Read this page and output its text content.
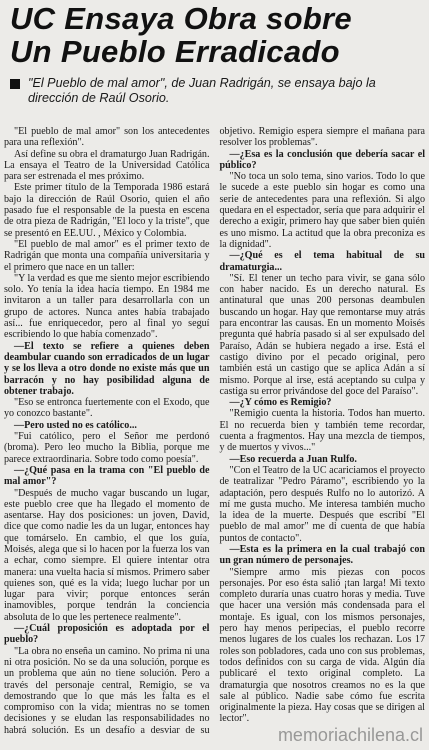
UC Ensaya Obra sobre
Un Pueblo Erradicado
"El Pueblo de mal amor", de Juan Radrigán, se ensaya bajo la dirección de Raúl Osorio.

"El pueblo de mal amor" son los antecedentes para una reflexión".

Así define su obra el dramaturgo Juan Radrigán. La ensaya el Teatro de la Universidad Católica para ser estrenada el mes próximo.

Este primer título de la Temporada 1986 estará bajo la dirección de Raúl Osorio, quien el año pasado fue el responsable de la puesta en escena de otra pieza de Radrigán, "El loco y la triste", que se presentó en EE.UU. , México y Colombia.

"El pueblo de mal amor" es el primer texto de Radrigán que monta una compañía universitaria y el primero que nace en un taller:

"Y la verdad es que me siento mejor escribiendo solo. Yo tenía la idea hacía tiempo. En 1984 me invitaron a un taller para desarrollarla con un grupo de actores. Nunca antes había trabajado así... fue enriquecedor, pero al final yo seguí escribiendo lo que había comenzado".

—El texto se refiere a quienes deben deambular cuando son erradicados de un lugar y se los lleva a otro donde no existe más que un barracón y no hay posibilidad alguna de obtener trabajo.

"Eso se entronca fuertemente con el Exodo, que yo conozco bastante".

—Pero usted no es católico...

"Fui católico, pero el Señor me perdonó (broma). Pero leo mucho la Biblia, porque me parece extraordinaria. Sobre todo como poesía".

—¿Qué pasa en la trama con "El pueblo de mal amor"?

"Después de mucho vagar buscando un lugar, este pueblo cree que ha llegado el momento de asentarse. Hay dos posiciones: un joven, David, dice que como nadie les da un lugar, entonces hay que tomárselo. En cambio, el que los guía, Moisés, alega que si lo hacen por la fuerza los van a echar, como siempre. El quiere intentar otra manera: una vuelta hacia sí mismos. Primero saber quienes son, qué es la vida; luego luchar por un lugar para vivir; porque entonces serán inamovibles, porque tendrán la conciencia absoluta de lo que les pertenece realmente".

—¿Cuál proposición es adoptada por el pueblo?

"La obra no enseña un camino. No prima ni una ni otra posición. No se da una solución, porque es un problema que aún no tiene solución. Pero a través del personaje central, Remigio, se va demostrando que lo que más les falta es el compromiso con la vida; mientras no se tomen decisiones y se eludan las responsabilidades no habrá solución. Es un desafío a desviar de su objetivo. Remigio espera siempre el mañana para resolver los problemas".

—¿Esa es la conclusión que debería sacar el público?

"No toca un solo tema, sino varios. Todo lo que le sucede a este pueblo sin hogar es como una serie de antecedentes para una reflexión. Si algo quedara en el espectador, sería que para adquirir el derecho a exigir, primero hay que saber bien quién es uno mismo. La actitud que la obra preconiza es la dignidad".

—¿Qué es el tema habitual de su dramaturgia...

"Sí. El tener un techo para vivir, se gana sólo con haber nacido. Es un derecho natural. Es antinatural que unas 200 personas deambulen buscando un hogar. Hay que remontarse muy atrás para encontrar las causas. En un momento Moisés pregunta qué habría pasado si al ser expulsado del Paraíso, Adán se hubiera negado a irse. Está el castigo divino por el pecado original, pero también está un castigo que se aplica Adán a sí mismo. Porque al irse, está aceptando su culpa y castiga su error privándose del goce del Paraíso".

—¿Y cómo es Remigio?

"Remigio cuenta la historia. Todos han muerto. El no recuerda bien y también teme recordar, cuenta a fragmentos. Hay una mezcla de tiempos, y de muertos y vivos..."

—Eso recuerda a Juan Rulfo.

"Con el Teatro de la UC acariciamos el proyecto de teatralizar "Pedro Páramo", escribiendo yo la adaptación, pero después Rulfo no lo autorizó. A mí me gusta mucho. Me interesa también mucho la idea de la muerte. Después que escribí "El pueblo de mal amor" me di cuenta de que había puntos de contacto".

—Esta es la primera en la cual trabajó con un gran número de personajes.

"Siempre armo mis piezas con pocos personajes. Por eso ésta salió ¡tan larga! Mi texto completo duraría unas cuatro horas y media. Tuve que hacer una versión más condensada para el montaje. Es igual, con los mismos personajes, pero hay menos peripecias, el pueblo recorre menos lugares de los cuales los rechazan. Los 17 roles son pobladores, cada uno con sus problemas, todos definidos con su carga de vida. Algún día publicaré el texto original completo. La dramaturgia que nosotros creamos no es la que sale al público. Nadie sabe cómo fue escrita originalmente la pieza. Hay cosas que se dirigen al lector".

memoriachilena.cl
